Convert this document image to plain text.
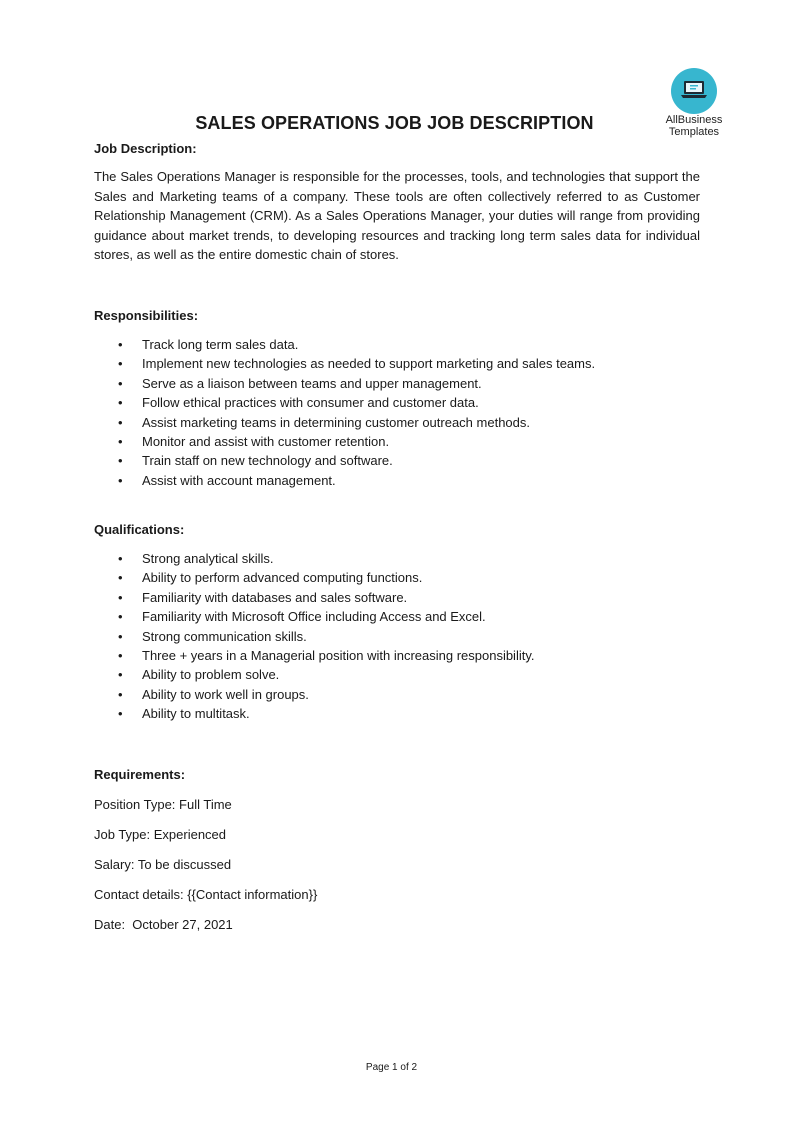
AllBusiness
Templates
SALES OPERATIONS JOB JOB DESCRIPTION
Job Description:
The Sales Operations Manager is responsible for the processes, tools, and technologies that support the Sales and Marketing teams of a company. These tools are often collectively referred to as Customer Relationship Management (CRM). As a Sales Operations Manager, your duties will range from providing guidance about market trends, to developing resources and tracking long term sales data for individual stores, as well as the entire domestic chain of stores.
Responsibilities:
• Track long term sales data.
• Implement new technologies as needed to support marketing and sales teams.
• Serve as a liaison between teams and upper management.
• Follow ethical practices with consumer and customer data.
• Assist marketing teams in determining customer outreach methods.
• Monitor and assist with customer retention.
• Train staff on new technology and software.
• Assist with account management.
Qualifications:
• Strong analytical skills.
• Ability to perform advanced computing functions.
• Familiarity with databases and sales software.
• Familiarity with Microsoft Office including Access and Excel.
• Strong communication skills.
• Three + years in a Managerial position with increasing responsibility.
• Ability to problem solve.
• Ability to work well in groups.
• Ability to multitask.
Requirements:
Position Type: Full Time
Job Type: Experienced
Salary: To be discussed
Contact details: {{Contact information}}
Date:  October 27, 2021
Page 1 of 2
